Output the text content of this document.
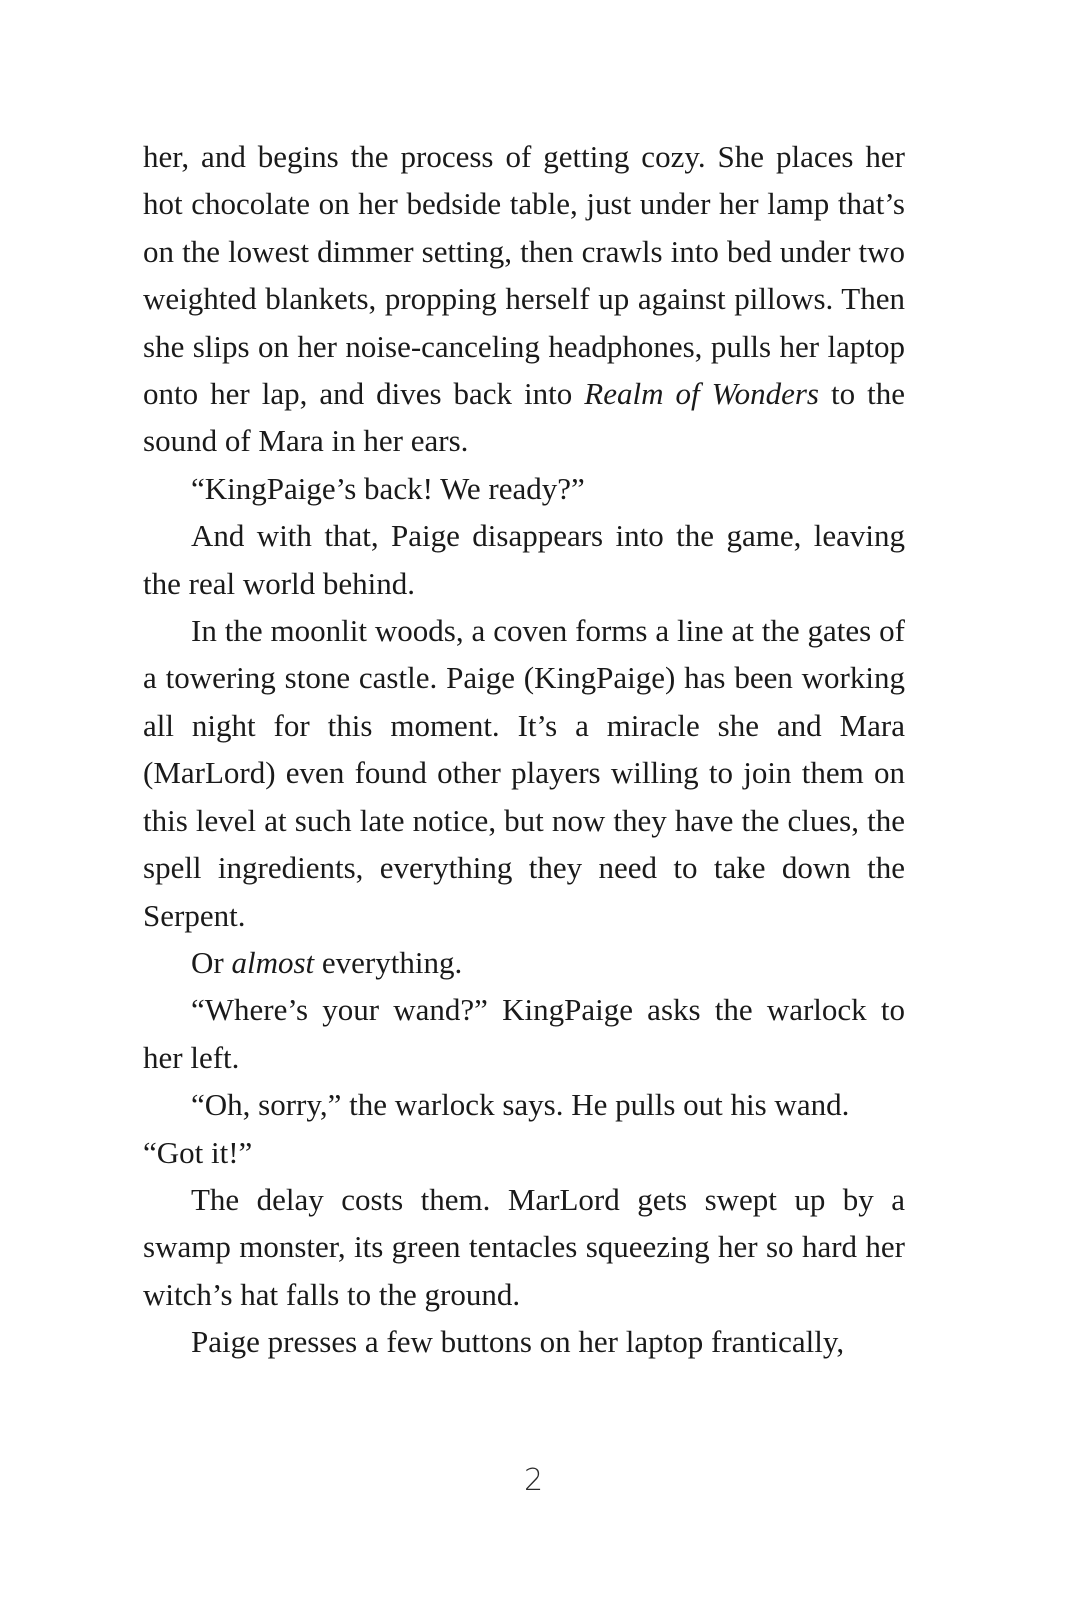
her, and begins the process of getting cozy. She places her hot chocolate on her bedside table, just under her lamp that’s on the lowest dimmer setting, then crawls into bed under two weighted blankets, propping herself up against pillows. Then she slips on her noise-canceling headphones, pulls her laptop onto her lap, and dives back into Realm of Wonders to the sound of Mara in her ears.

“KingPaige’s back! We ready?”

And with that, Paige disappears into the game, leaving the real world behind.

In the moonlit woods, a coven forms a line at the gates of a towering stone castle. Paige (KingPaige) has been working all night for this moment. It’s a miracle she and Mara (MarLord) even found other players willing to join them on this level at such late notice, but now they have the clues, the spell ingredients, everything they need to take down the Serpent.

Or almost everything.

“Where’s your wand?” KingPaige asks the warlock to her left.

“Oh, sorry,” the warlock says. He pulls out his wand.

“Got it!”

The delay costs them. MarLord gets swept up by a swamp monster, its green tentacles squeezing her so hard her witch’s hat falls to the ground.

Paige presses a few buttons on her laptop frantically,

2
